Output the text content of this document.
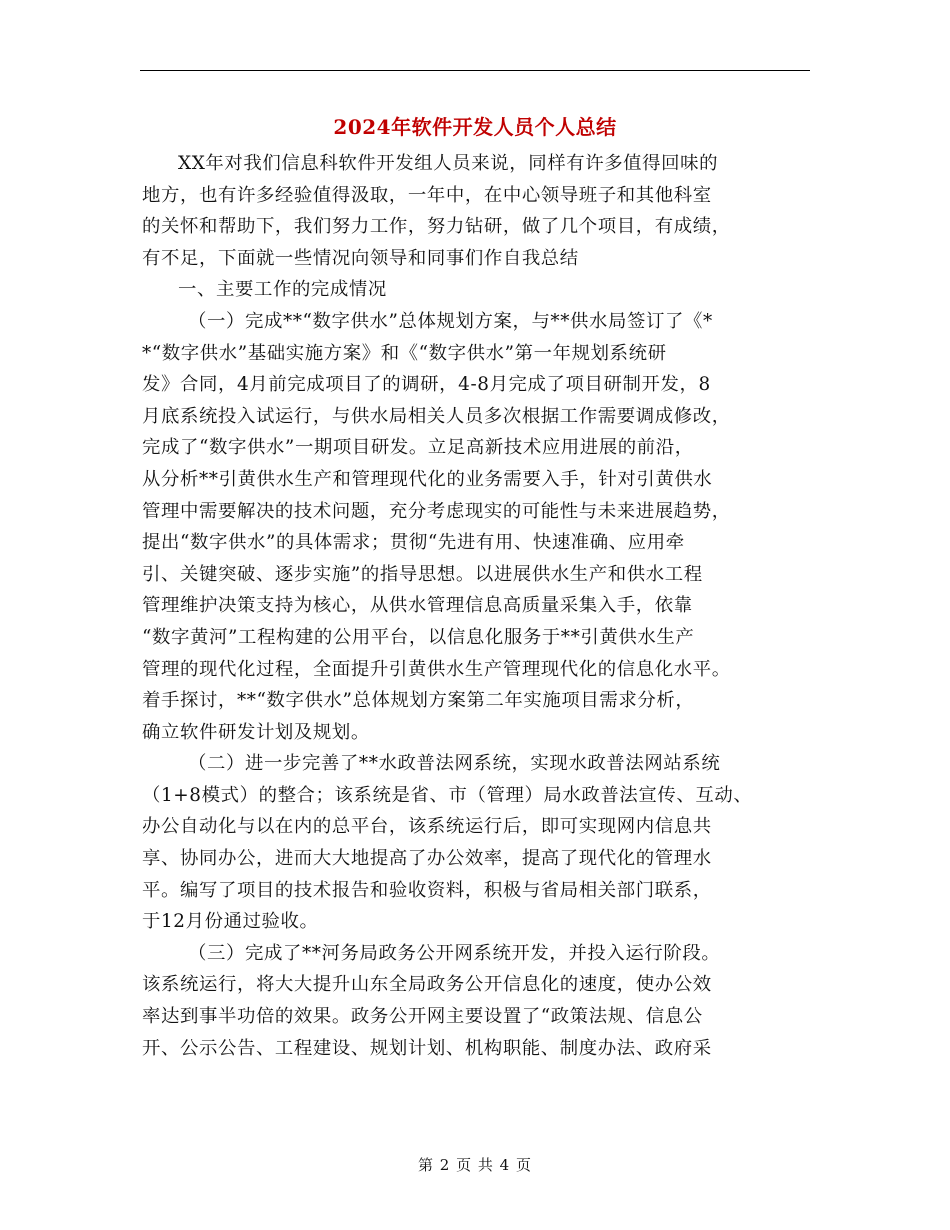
2024年软件开发人员个人总结
XX年对我们信息科软件开发组人员来说，同样有许多值得回味的
地方，也有许多经验值得汲取，一年中，在中心领导班子和其他科室
的关怀和帮助下，我们努力工作，努力钻研，做了几个项目，有成绩，
有不足，下面就一些情况向领导和同事们作自我总结
一、主要工作的完成情况
（一）完成**“数字供水”总体规划方案，与**供水局签订了《*
*“数字供水”基础实施方案》和《“数字供水”第一年规划系统研
发》合同，4月前完成项目了的调研，4-8月完成了项目研制开发，8
月底系统投入试运行，与供水局相关人员多次根据工作需要调成修改，
完成了“数字供水”一期项目研发。立足高新技术应用进展的前沿，
从分析**引黄供水生产和管理现代化的业务需要入手，针对引黄供水
管理中需要解决的技术问题，充分考虑现实的可能性与未来进展趋势，
提出“数字供水”的具体需求；贯彻“先进有用、快速准确、应用牵
引、关键突破、逐步实施”的指导思想。以进展供水生产和供水工程
管理维护决策支持为核心，从供水管理信息高质量采集入手，依靠
“数字黄河”工程构建的公用平台，以信息化服务于**引黄供水生产
管理的现代化过程，全面提升引黄供水生产管理现代化的信息化水平。
着手探讨，**“数字供水”总体规划方案第二年实施项目需求分析，
确立软件研发计划及规划。
（二）进一步完善了**水政普法网系统，实现水政普法网站系统
（1+8模式）的整合；该系统是省、市（管理）局水政普法宣传、互动、
办公自动化与以在内的总平台，该系统运行后，即可实现网内信息共
享、协同办公，进而大大地提高了办公效率，提高了现代化的管理水
平。编写了项目的技术报告和验收资料，积极与省局相关部门联系，
于12月份通过验收。
（三）完成了**河务局政务公开网系统开发，并投入运行阶段。
该系统运行，将大大提升山东全局政务公开信息化的速度，使办公效
率达到事半功倍的效果。政务公开网主要设置了“政策法规、信息公
开、公示公告、工程建设、规划计划、机构职能、制度办法、政府采
第 2 页 共 4 页
